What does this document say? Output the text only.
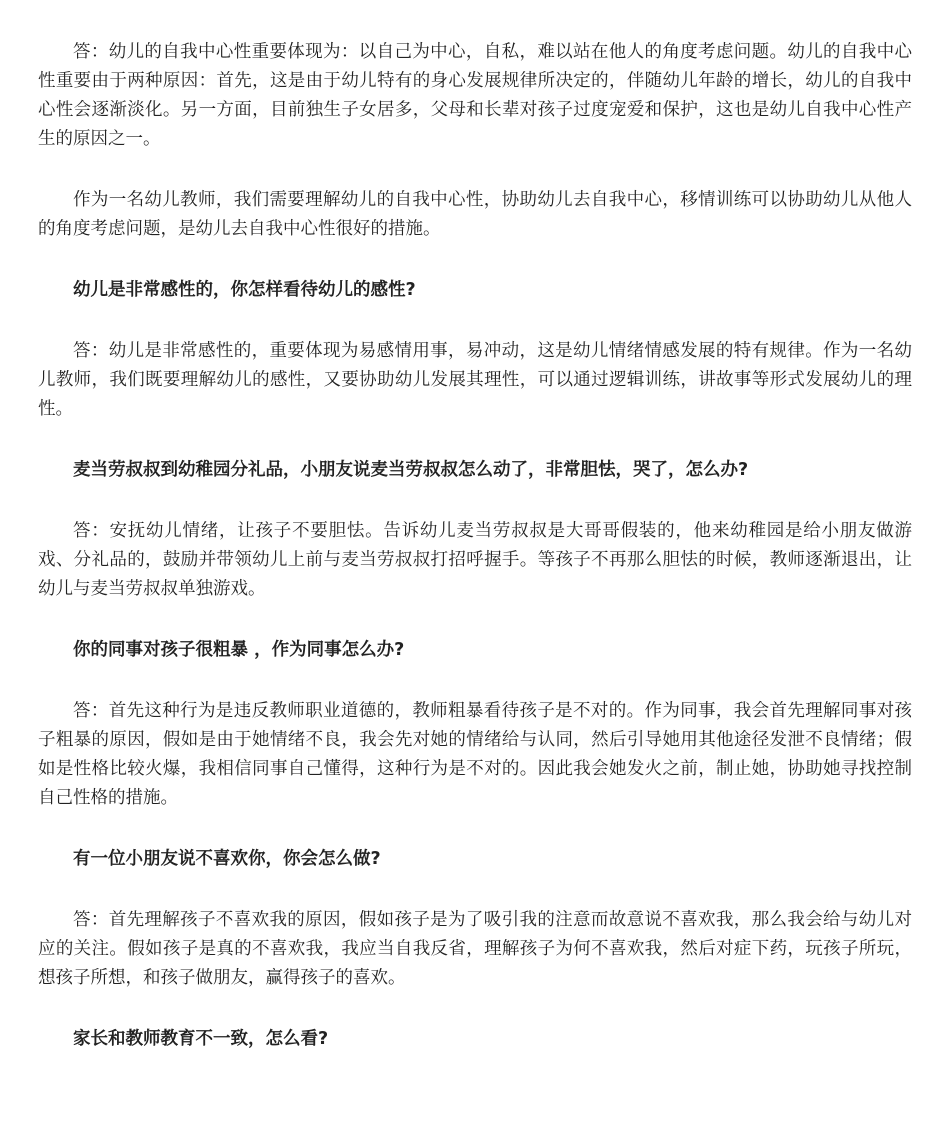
答：幼儿的自我中心性重要体现为：以自己为中心，自私，难以站在他人的角度考虑问题。幼儿的自我中心性重要由于两种原因：首先，这是由于幼儿特有的身心发展规律所决定的，伴随幼儿年龄的增长，幼儿的自我中心性会逐渐淡化。另一方面，目前独生子女居多，父母和长辈对孩子过度宠爱和保护，这也是幼儿自我中心性产生的原因之一。

作为一名幼儿教师，我们需要理解幼儿的自我中心性，协助幼儿去自我中心，移情训练可以协助幼儿从他人的角度考虑问题，是幼儿去自我中心性很好的措施。

幼儿是非常感性的，你怎样看待幼儿的感性?

答：幼儿是非常感性的，重要体现为易感情用事，易冲动，这是幼儿情绪情感发展的特有规律。作为一名幼儿教师，我们既要理解幼儿的感性，又要协助幼儿发展其理性，可以通过逻辑训练，讲故事等形式发展幼儿的理性。

麦当劳叔叔到幼稚园分礼品，小朋友说麦当劳叔叔怎么动了，非常胆怯，哭了，怎么办?

答：安抚幼儿情绪，让孩子不要胆怯。告诉幼儿麦当劳叔叔是大哥哥假装的，他来幼稚园是给小朋友做游戏、分礼品的，鼓励并带领幼儿上前与麦当劳叔叔打招呼握手。等孩子不再那么胆怯的时候，教师逐渐退出，让幼儿与麦当劳叔叔单独游戏。

你的同事对孩子很粗暴 ，作为同事怎么办?

答：首先这种行为是违反教师职业道德的，教师粗暴看待孩子是不对的。作为同事，我会首先理解同事对孩子粗暴的原因，假如是由于她情绪不良，我会先对她的情绪给与认同，然后引导她用其他途径发泄不良情绪；假如是性格比较火爆，我相信同事自己懂得，这种行为是不对的。因此我会她发火之前，制止她，协助她寻找控制自己性格的措施。

有一位小朋友说不喜欢你，你会怎么做?

答：首先理解孩子不喜欢我的原因，假如孩子是为了吸引我的注意而故意说不喜欢我，那么我会给与幼儿对应的关注。假如孩子是真的不喜欢我，我应当自我反省，理解孩子为何不喜欢我，然后对症下药，玩孩子所玩，想孩子所想，和孩子做朋友，赢得孩子的喜欢。

家长和教师教育不一致，怎么看?
